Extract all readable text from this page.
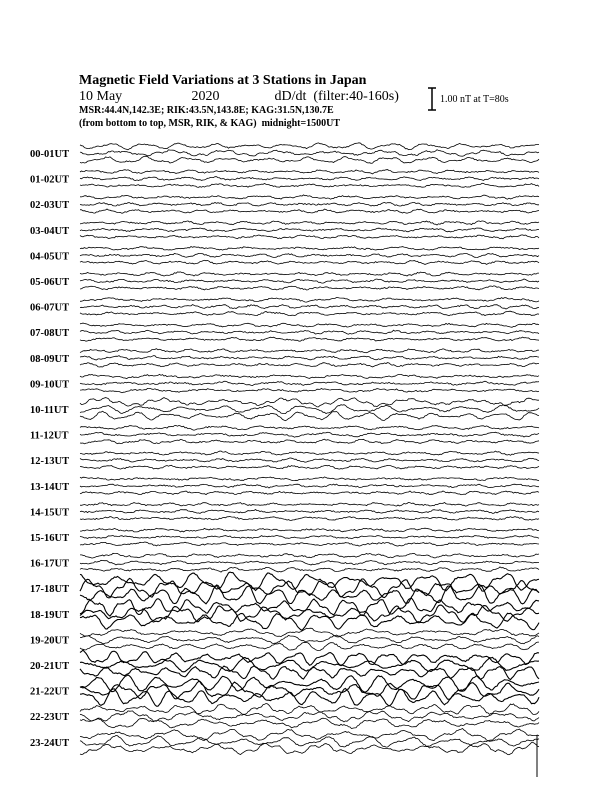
Magnetic Field Variations at 3 Stations in Japan
10 May	2020	dD/dt (filter:40-160s)
MSR:44.4N,142.3E; RIK:43.5N,143.8E; KAG:31.5N,130.7E
(from bottom to top, MSR, RIK, & KAG) midnight=1500UT
1.00 nT at T=80s
00-01UT
01-02UT
02-03UT
03-04UT
04-05UT
05-06UT
06-07UT
07-08UT
08-09UT
09-10UT
10-11UT
11-12UT
12-13UT
13-14UT
14-15UT
15-16UT
16-17UT
17-18UT
18-19UT
19-20UT
20-21UT
21-22UT
22-23UT
23-24UT
